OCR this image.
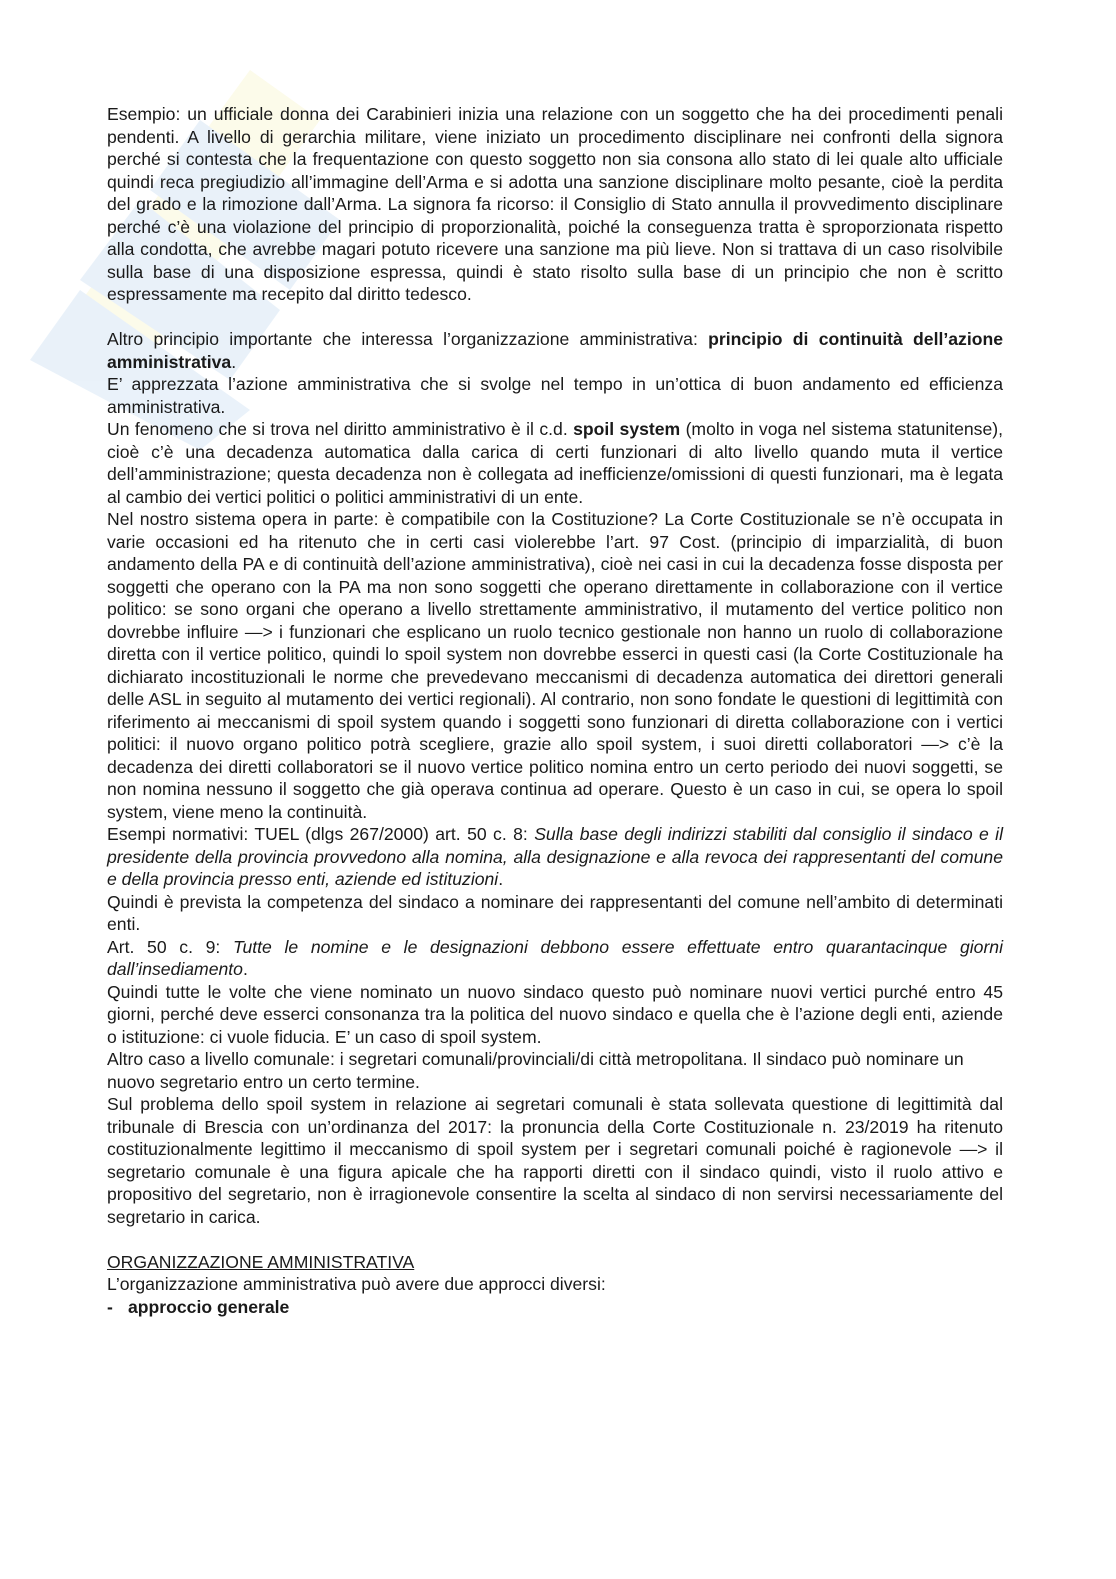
Esempio: un ufficiale donna dei Carabinieri inizia una relazione con un soggetto che ha dei procedimenti penali pendenti. A livello di gerarchia militare, viene iniziato un procedimento disciplinare nei confronti della signora perché si contesta che la frequentazione con questo soggetto non sia consona allo stato di lei quale alto ufficiale quindi reca pregiudizio all’immagine dell’Arma e si adotta una sanzione disciplinare molto pesante, cioè la perdita del grado e la rimozione dall’Arma. La signora fa ricorso: il Consiglio di Stato annulla il provvedimento disciplinare perché c’è una violazione del principio di proporzionalità, poiché la conseguenza tratta è sproporzionata rispetto alla condotta, che avrebbe magari potuto ricevere una sanzione ma più lieve. Non si trattava di un caso risolvibile sulla base di una disposizione espressa, quindi è stato risolto sulla base di un principio che non è scritto espressamente ma recepito dal diritto tedesco.

Altro principio importante che interessa l’organizzazione amministrativa: principio di continuità dell’azione amministrativa.

E’ apprezzata l’azione amministrativa che si svolge nel tempo in un’ottica di buon andamento ed efficienza amministrativa.

Un fenomeno che si trova nel diritto amministrativo è il c.d. spoil system (molto in voga nel sistema statunitense), cioè c’è una decadenza automatica dalla carica di certi funzionari di alto livello quando muta il vertice dell’amministrazione; questa decadenza non è collegata ad inefficienze/omissioni di questi funzionari, ma è legata al cambio dei vertici politici o politici amministrativi di un ente.

Nel nostro sistema opera in parte: è compatibile con la Costituzione? La Corte Costituzionale se n’è occupata in varie occasioni ed ha ritenuto che in certi casi violerebbe l’art. 97 Cost. (principio di imparzialità, di buon andamento della PA e di continuità dell’azione amministrativa), cioè nei casi in cui la decadenza fosse disposta per soggetti che operano con la PA ma non sono soggetti che operano direttamente in collaborazione con il vertice politico: se sono organi che operano a livello strettamente amministrativo, il mutamento del vertice politico non dovrebbe influire —> i funzionari che esplicano un ruolo tecnico gestionale non hanno un ruolo di collaborazione diretta con il vertice politico, quindi lo spoil system non dovrebbe esserci in questi casi (la Corte Costituzionale ha dichiarato incostituzionali le norme che prevedevano meccanismi di decadenza automatica dei direttori generali delle ASL in seguito al mutamento dei vertici regionali). Al contrario, non sono fondate le questioni di legittimità con riferimento ai meccanismi di spoil system quando i soggetti sono funzionari di diretta collaborazione con i vertici politici: il nuovo organo politico potrà scegliere, grazie allo spoil system, i suoi diretti collaboratori —> c’è la decadenza dei diretti collaboratori se il nuovo vertice politico nomina entro un certo periodo dei nuovi soggetti, se non nomina nessuno il soggetto che già operava continua ad operare. Questo è un caso in cui, se opera lo spoil system, viene meno la continuità.

Esempi normativi: TUEL (dlgs 267/2000) art. 50 c. 8: Sulla base degli indirizzi stabiliti dal consiglio il sindaco e il presidente della provincia provvedono alla nomina, alla designazione e alla revoca dei rappresentanti del comune e della provincia presso enti, aziende ed istituzioni.

Quindi è prevista la competenza del sindaco a nominare dei rappresentanti del comune nell’ambito di determinati enti.

Art. 50 c. 9: Tutte le nomine e le designazioni debbono essere effettuate entro quarantacinque giorni dall’insediamento.

Quindi tutte le volte che viene nominato un nuovo sindaco questo può nominare nuovi vertici purché entro 45 giorni, perché deve esserci consonanza tra la politica del nuovo sindaco e quella che è l’azione degli enti, aziende o istituzione: ci vuole fiducia. E’ un caso di spoil system.

Altro caso a livello comunale: i segretari comunali/provinciali/di città metropolitana. Il sindaco può nominare un nuovo segretario entro un certo termine.

Sul problema dello spoil system in relazione ai segretari comunali è stata sollevata questione di legittimità dal tribunale di Brescia con un’ordinanza del 2017: la pronuncia della Corte Costituzionale n. 23/2019 ha ritenuto costituzionalmente legittimo il meccanismo di spoil system per i segretari comunali poiché è ragionevole —> il segretario comunale è una figura apicale che ha rapporti diretti con il sindaco quindi, visto il ruolo attivo e propositivo del segretario, non è irragionevole consentire la scelta al sindaco di non servirsi necessariamente del segretario in carica.

ORGANIZZAZIONE AMMINISTRATIVA

L’organizzazione amministrativa può avere due approcci diversi:

- approccio generale
